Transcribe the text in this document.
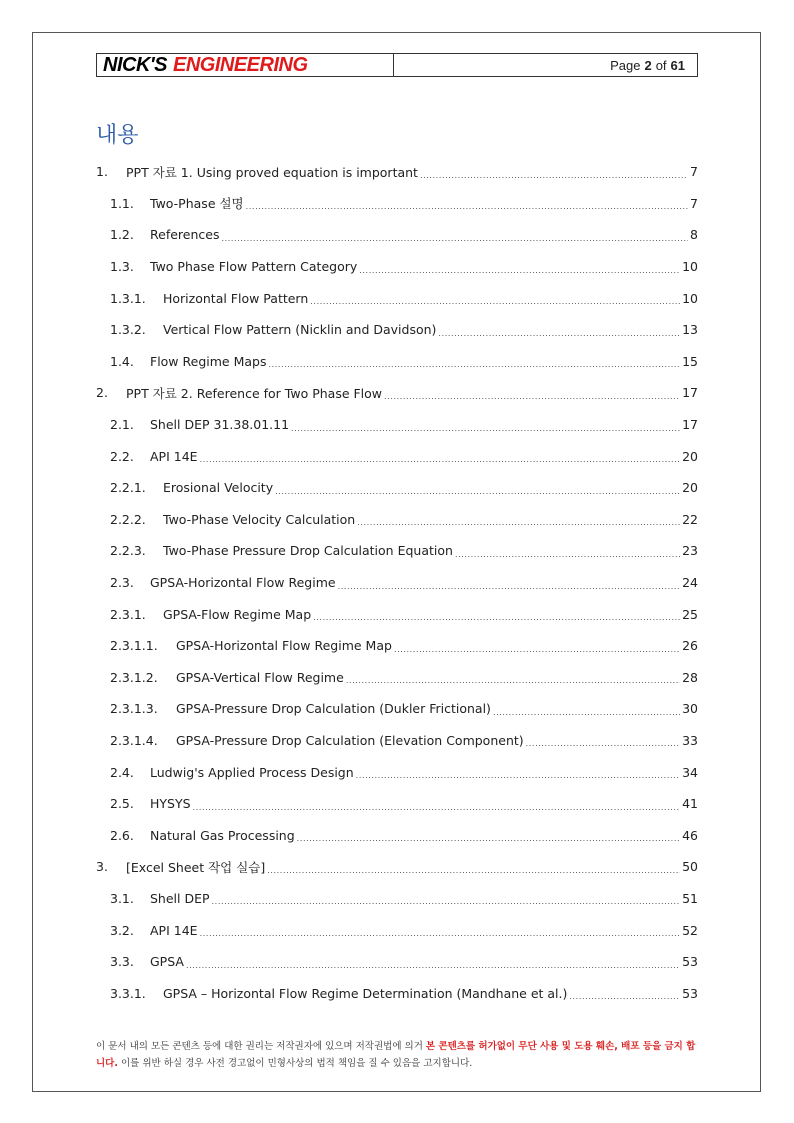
NICK'S ENGINEERING	Page 2 of 61
내용
1.	PPT 자료 1. Using proved equation is important .....	7
1.1.	Two-Phase 설명 .....	7
1.2.	References .....	8
1.3.	Two Phase Flow Pattern Category .....	10
1.3.1.	Horizontal Flow Pattern .....	10
1.3.2.	Vertical Flow Pattern (Nicklin and Davidson) .....	13
1.4.	Flow Regime Maps .....	15
2.	PPT 자료 2. Reference for Two Phase Flow .....	17
2.1.	Shell DEP 31.38.01.11 .....	17
2.2.	API 14E .....	20
2.2.1.	Erosional Velocity .....	20
2.2.2.	Two-Phase Velocity Calculation .....	22
2.2.3.	Two-Phase Pressure Drop Calculation Equation .....	23
2.3.	GPSA-Horizontal Flow Regime .....	24
2.3.1.	GPSA-Flow Regime Map .....	25
2.3.1.1.	GPSA-Horizontal Flow Regime Map .....	26
2.3.1.2.	GPSA-Vertical Flow Regime .....	28
2.3.1.3.	GPSA-Pressure Drop Calculation (Dukler Frictional) .....	30
2.3.1.4.	GPSA-Pressure Drop Calculation (Elevation Component) .....	33
2.4.	Ludwig's Applied Process Design .....	34
2.5.	HYSYS .....	41
2.6.	Natural Gas Processing .....	46
3.	[Excel Sheet 작업 실습] .....	50
3.1.	Shell DEP .....	51
3.2.	API 14E .....	52
3.3.	GPSA .....	53
3.3.1.	GPSA – Horizontal Flow Regime Determination (Mandhane et al.) .....	53
이 문서 내의 모든 콘텐츠 등에 대한 권리는 저작권자에 있으며 저작권법에 의거 본 콘텐츠를 허가없이 무단 사용 및 도용 훼손, 배포 등을 금지 합니다. 이를 위반 하실 경우 사전 경고없이 민형사상의 법적 책임을 질 수 있음을 고지합니다.
